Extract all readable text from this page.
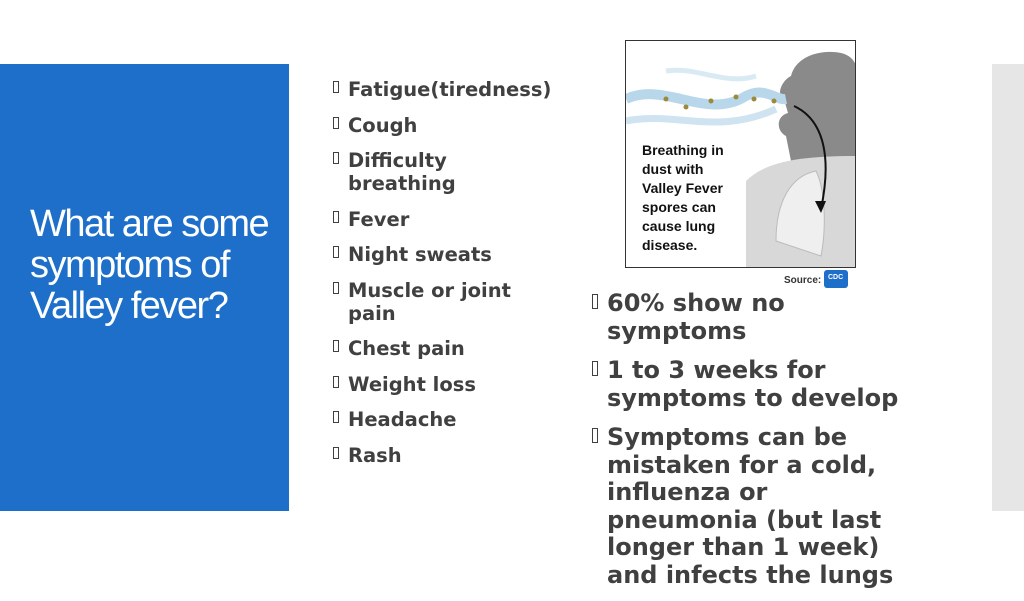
What are some symptoms of Valley fever?
Fatigue(tiredness)
Cough
Difficulty breathing
Fever
Night sweats
Muscle or joint pain
Chest pain
Weight loss
Headache
Rash
Breathing in
dust with
Valley Fever
spores can
cause lung
disease.
Source: CDC
60% show no symptoms
1 to 3 weeks for symptoms to develop
Symptoms can be mistaken for a cold, influenza or pneumonia (but last longer than 1 week) and infects the lungs
